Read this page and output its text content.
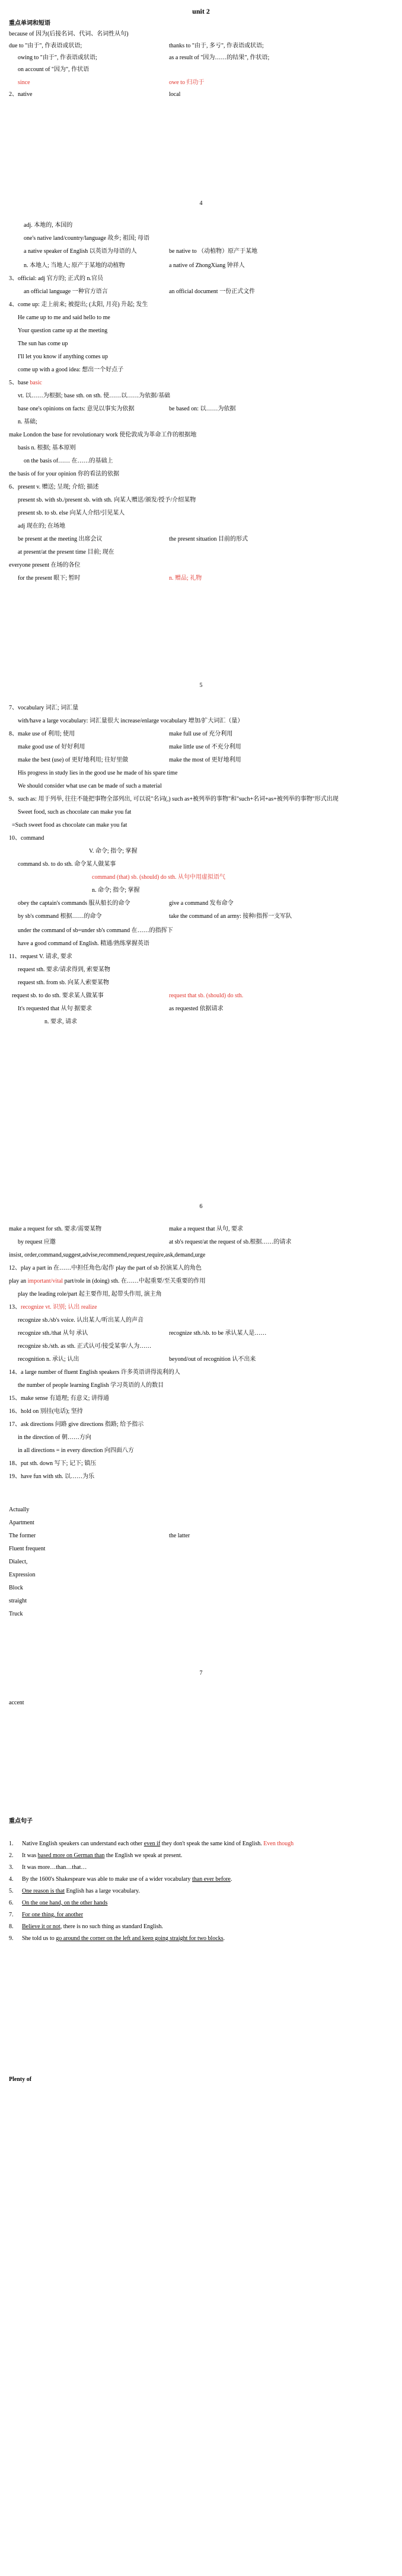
unit 2
重点单词和短语
because of 因为(后接名词、代词、名词性从句)
due to "由于", 作表语或状语;	thanks to "由于, 多亏", 作表语或状语;
owing to "由于", 作表语或状语;	as a result of "因为……的结果", 作状语;
on account of "因为", 作状语
since	owe to 归功于
2、native	local
adj. 本地的, 本国的
one's native land/country/language 故乡; 祖国; 母语
a native speaker of English 以英语为母语的人	be native to （动植物）原产于某地
n. 本地人; 当地人; 原产于某地的动植物	a native of ZhongXiang 钟祥人
3、official: adj 官方的; 正式的 n.官员
an official language 一种官方语言	an official document 一份正式文件
4、come up: 走上前来; 被提出; (太阳, 月亮) 升起; 发生
He came up to me and said hello to me
Your question came up at the meeting
The sun has come up
I'll let you know if anything comes up
come up with a good idea: 想出一个好点子
5、base basic
vt. 以……为根据; base sth. on sth. 使……以……为依据/基础
base one's opinions on facts: 意见以事实为依据	be based on: 以……为依据
n. 基础;
make London the base for revolutionary work 使伦敦成为革命工作的根据地
basis n. 根据; 基本原则
on the basis of…… 在……的基础上
the basis of for your opinion 你的看法的依据
6、present v. 赠送; 呈现; 介绍; 描述
present sb. with sb./present sb. with sth. 向某人赠送/颁发/授予/介绍某物
present sb. to sb. else 向某人介绍/引见某人
adj 现在的; 在场地
be present at the meeting 出席会议	the present situation 目前的形式
at present/at the present time 目前; 现在
everyone present 在场的各位
for the present 眼下; 暂时	n. 赠品; 礼物
7、vocabulary 词汇; 词汇量
with/have a large vocabulary: 词汇量很大 increase/enlarge vocabulary 增加/扩大词汇（量）
8、make use of 利用; 使用	make full use of 充分利用
make good use of 好好利用	make little use of 不充分利用
make the best (use) of 更好地利用; 往好里做	make the most of 更好地利用
His progress in study lies in the good use he made of his spare time
We should consider what use can be made of such a material
9、such as: 用于列举, 往往不能把事物全部列出, 可以说"名词(,) such as+被列举的事物"和"such+名词+as+被列举的事物"形式出现
Sweet food, such as chocolate can make you fat
=Such sweet food as chocolate can make you fat
10、command
V. 命令; 指令; 掌握
command sb. to do sth. 命令某人做某事
command (that) sb. (should) do sth. 从句中用虚拟语气
n. 命令; 指令; 掌握
obey the captain's commands 服从船长的命令	give a command 发布命令
by sb's command 根据……的命令	take the command of an army: 接种/指挥一支军队
under the command of sb=under sb's command 在……的指挥下
have a good command of English. 精通/熟练掌握英语
11、request V. 请求, 要求
request sth. 要求/请求得到, 索要某物
request sth. from sb. 向某人索要某物
request sb. to do sth. 要求某人做某事	request that sb. (should) do sth.
It's requested that 从句 据要求	as requested 依据请求
n. 要求, 请求
make a request for sth. 要求/需要某物	make a request that 从句, 要求
by request 应邀	at sb's request/at the request of sb.根据……的请求
insist, order,command,suggest,advise,recommend,request,require,ask,demand,urge
12、play a part in 在……中担任角色/起作 play the part of sb 扮演某人的角色
play an important/vital part/role in (doing) sth. 在……中起重要/至关重要的作用
play the leading role/part 起主要作用, 起带头作用, 演主角
13、recognize vt. 识别; 认出 realize
recognize sb./sb's voice. 认出某人/听出某人的声音
recognize sth./that 从句 承认	recognize sth./sb. to be 承认某人是……
recognize sb./sth. as sth. 正式认可/接受某事/人为……
recognition n. 承认; 认出	beyond/out of recognition 认不出来
14、a large number of fluent English speakers 许多英语讲得流利的人
the number of people learning English 学习英语的人的数目
15、make sense 有道理; 有意义; 讲得通
16、hold on 别挂(电话); 坚持
17、ask directions 问路 give directions 指路; 给予指示
in the direction of 朝……方向
in all directions = in every direction 向四面八方
18、put sth. down 写下; 记下; 镇压
19、have fun with sth. 以……为乐
Actually
Apartment
The former	the latter
Fluent frequent
Dialect,
Expression
Block
straight
Truck
accent
4
5
6
7
重点句子
1. Native English speakers can understand each other even if they don't speak the same kind of English. Even though
2. It was based more on German than the English we speak at present.
3. It was more…than…that…
4. By the 1600's Shakespeare was able to make use of a wider vocabulary than ever before.
5. One reason is that English has a large vocabulary.
6. On the one hand, on the other hands
7. For one thing, for another
8. Believe it or not, there is no such thing as standard English.
9. She told us to go around the corner on the left and keep going straight for two blocks.
Plenty of
